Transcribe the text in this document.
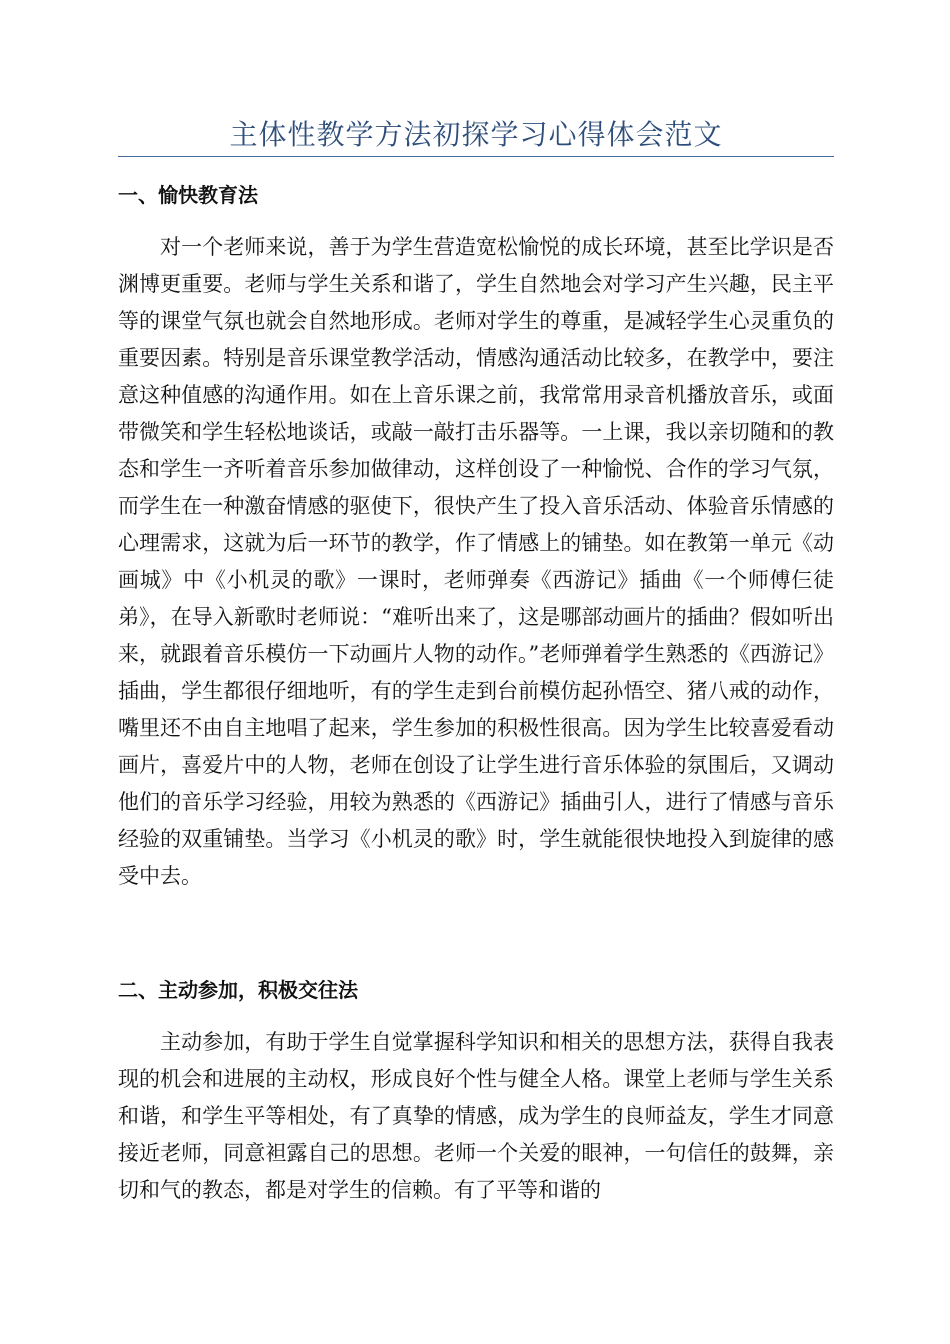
主体性教学方法初探学习心得体会范文
一、愉快教育法

对一个老师来说，善于为学生营造宽松愉悦的成长环境，甚至比学识是否渊博更重要。老师与学生关系和谐了，学生自然地会对学习产生兴趣，民主平等的课堂气氛也就会自然地形成。老师对学生的尊重，是减轻学生心灵重负的重要因素。特别是音乐课堂教学活动，情感沟通活动比较多，在教学中，要注意这种值感的沟通作用。如在上音乐课之前，我常常用录音机播放音乐，或面带微笑和学生轻松地谈话，或敲一敲打击乐器等。一上课，我以亲切随和的教态和学生一齐听着音乐参加做律动，这样创设了一种愉悦、合作的学习气氛，而学生在一种激奋情感的驱使下，很快产生了投入音乐活动、体验音乐情感的心理需求，这就为后一环节的教学，作了情感上的铺垫。如在教第一单元《动画城》中《小机灵的歌》一课时，老师弹奏《西游记》插曲《一个师傅仨徒弟》，在导入新歌时老师说：“难听出来了，这是哪部动画片的插曲？假如听出来，就跟着音乐模仿一下动画片人物的动作。”老师弹着学生熟悉的《西游记》插曲，学生都很仔细地听，有的学生走到台前模仿起孙悟空、猪八戒的动作，嘴里还不由自主地唱了起来，学生参加的积极性很高。因为学生比较喜爱看动画片，喜爱片中的人物，老师在创设了让学生进行音乐体验的氛围后，又调动他们的音乐学习经验，用较为熟悉的《西游记》插曲引人，进行了情感与音乐经验的双重铺垫。当学习《小机灵的歌》时，学生就能很快地投入到旋律的感受中去。

二、主动参加，积极交往法

主动参加，有助于学生自觉掌握科学知识和相关的思想方法，获得自我表现的机会和进展的主动权，形成良好个性与健全人格。课堂上老师与学生关系和谐，和学生平等相处，有了真挚的情感，成为学生的良师益友，学生才同意接近老师，同意袒露自己的思想。老师一个关爱的眼神，一句信任的鼓舞，亲切和气的教态，都是对学生的信赖。有了平等和谐的
